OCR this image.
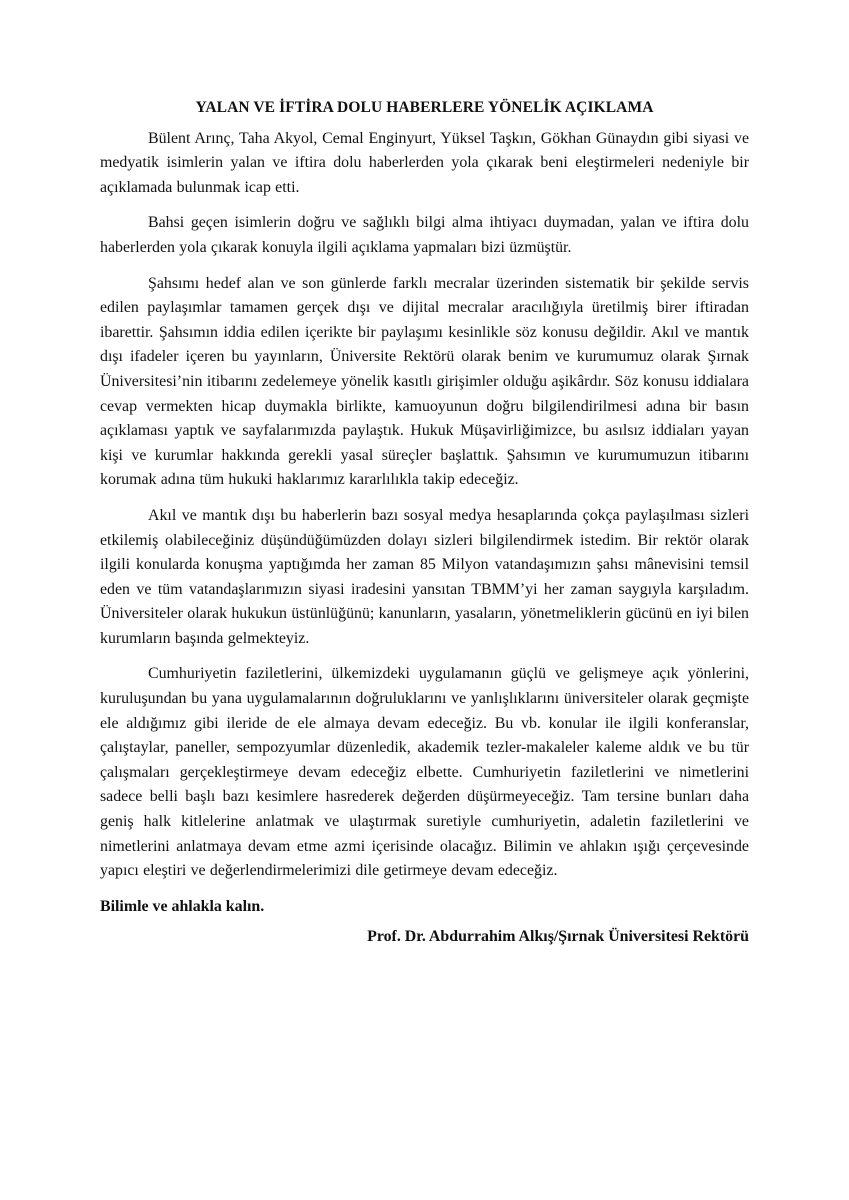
YALAN VE İFTİRA DOLU HABERLERE YÖNELİK AÇIKLAMA

Bülent Arınç, Taha Akyol, Cemal Enginyurt, Yüksel Taşkın, Gökhan Günaydın gibi siyasi ve medyatik isimlerin yalan ve iftira dolu haberlerden yola çıkarak beni eleştirmeleri nedeniyle bir açıklamada bulunmak icap etti.

Bahsi geçen isimlerin doğru ve sağlıklı bilgi alma ihtiyacı duymadan, yalan ve iftira dolu haberlerden yola çıkarak konuyla ilgili açıklama yapmaları bizi üzmüştür.

Şahsımı hedef alan ve son günlerde farklı mecralar üzerinden sistematik bir şekilde servis edilen paylaşımlar tamamen gerçek dışı ve dijital mecralar aracılığıyla üretilmiş birer iftiradan ibarettir. Şahsımın iddia edilen içerikte bir paylaşımı kesinlikle söz konusu değildir. Akıl ve mantık dışı ifadeler içeren bu yayınların, Üniversite Rektörü olarak benim ve kurumumuz olarak Şırnak Üniversitesi’nin itibarını zedelemeye yönelik kasıtlı girişimler olduğu aşikârdır. Söz konusu iddialara cevap vermekten hicap duymakla birlikte, kamuoyunun doğru bilgilendirilmesi adına bir basın açıklaması yaptık ve sayfalarımızda paylaştık. Hukuk Müşavirliğimizce, bu asılsız iddiaları yayan kişi ve kurumlar hakkında gerekli yasal süreçler başlattık. Şahsımın ve kurumumuzun itibarını korumak adına tüm hukuki haklarımız kararlılıkla takip edeceğiz.

Akıl ve mantık dışı bu haberlerin bazı sosyal medya hesaplarında çokça paylaşılması sizleri etkilemiş olabileceğiniz düşündüğümüzden dolayı sizleri bilgilendirmek istedim. Bir rektör olarak ilgili konularda konuşma yaptığımda her zaman 85 Milyon vatandaşımızın şahsı mânevisini temsil eden ve tüm vatandaşlarımızın siyasi iradesini yansıtan TBMM’yi her zaman saygıyla karşıladım. Üniversiteler olarak hukukun üstünlüğünü; kanunların, yasaların, yönetmeliklerin gücünü en iyi bilen kurumların başında gelmekteyiz.

Cumhuriyetin faziletlerini, ülkemizdeki uygulamanın güçlü ve gelişmeye açık yönlerini, kuruluşundan bu yana uygulamalarının doğruluklarını ve yanlışlıklarını üniversiteler olarak geçmişte ele aldığımız gibi ileride de ele almaya devam edeceğiz. Bu vb. konular ile ilgili konferanslar, çalıştaylar, paneller, sempozyumlar düzenledik, akademik tezler-makaleler kaleme aldık ve bu tür çalışmaları gerçekleştirmeye devam edeceğiz elbette. Cumhuriyetin faziletlerini ve nimetlerini sadece belli başlı bazı kesimlere hasrederek değerden düşürmeyeceğiz. Tam tersine bunları daha geniş halk kitlelerine anlatmak ve ulaştırmak suretiyle cumhuriyetin, adaletin faziletlerini ve nimetlerini anlatmaya devam etme azmi içerisinde olacağız. Bilimin ve ahlakın ışığı çerçevesinde yapıcı eleştiri ve değerlendirmelerimizi dile getirmeye devam edeceğiz.

Bilimle ve ahlakla kalın.

Prof. Dr. Abdurrahim Alkış/Şırnak Üniversitesi Rektörü
